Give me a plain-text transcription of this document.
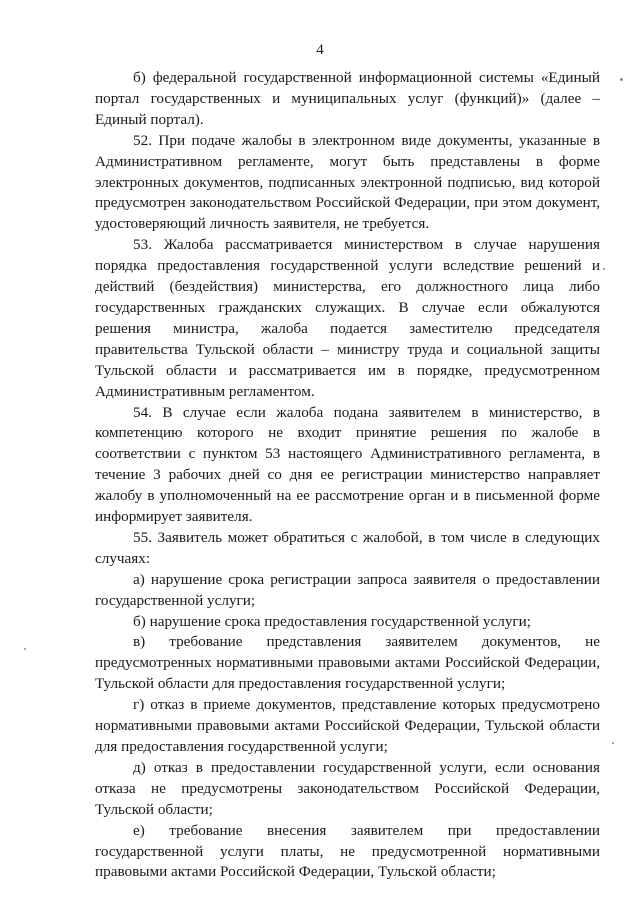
4

б) федеральной государственной информационной системы «Единый портал государственных и муниципальных услуг (функций)» (далее – Единый портал).

52. При подаче жалобы в электронном виде документы, указанные в Административном регламенте, могут быть представлены в форме электронных документов, подписанных электронной подписью, вид которой предусмотрен законодательством Российской Федерации, при этом документ, удостоверяющий личность заявителя, не требуется.

53. Жалоба рассматривается министерством в случае нарушения порядка предоставления государственной услуги вследствие решений и действий (бездействия) министерства, его должностного лица либо государственных гражданских служащих. В случае если обжалуются решения министра, жалоба подается заместителю председателя правительства Тульской области – министру труда и социальной защиты Тульской области и рассматривается им в порядке, предусмотренном Административным регламентом.

54. В случае если жалоба подана заявителем в министерство, в компетенцию которого не входит принятие решения по жалобе в соответствии с пунктом 53 настоящего Административного регламента, в течение 3 рабочих дней со дня ее регистрации министерство направляет жалобу в уполномоченный на ее рассмотрение орган и в письменной форме информирует заявителя.

55. Заявитель может обратиться с жалобой, в том числе в следующих случаях:

а) нарушение срока регистрации запроса заявителя о предоставлении государственной услуги;

б) нарушение срока предоставления государственной услуги;

в) требование представления заявителем документов, не предусмотренных нормативными правовыми актами Российской Федерации, Тульской области для предоставления государственной услуги;

г) отказ в приеме документов, представление которых предусмотрено нормативными правовыми актами Российской Федерации, Тульской области для предоставления государственной услуги;

д) отказ в предоставлении государственной услуги, если основания отказа не предусмотрены законодательством Российской Федерации, Тульской области;

е) требование внесения заявителем при предоставлении государственной услуги платы, не предусмотренной нормативными правовыми актами Российской Федерации, Тульской области;
